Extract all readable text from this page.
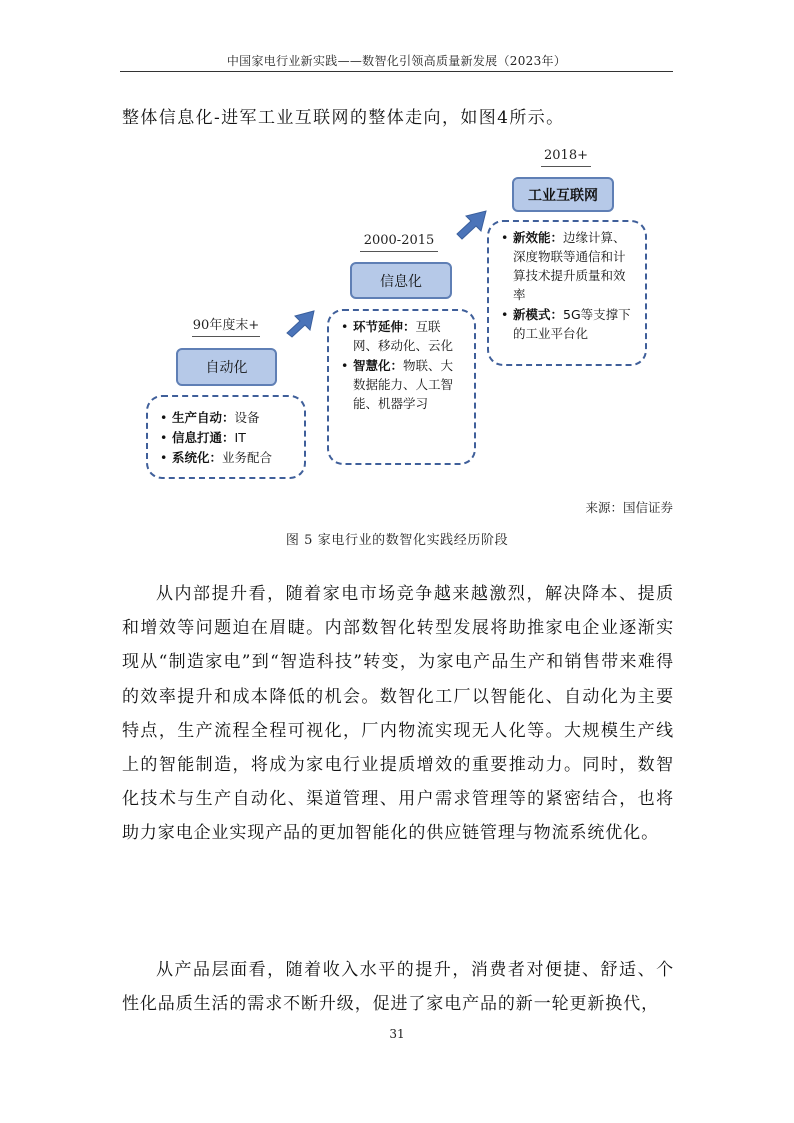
中国家电行业新实践——数智化引领高质量新发展（2023年）
整体信息化-进军工业互联网的整体走向，如图4所示。
90年度末+
自动化
• 生产自动：设备
• 信息打通：IT
• 系统化：业务配合
2000-2015
信息化
• 环节延伸：互联网、移动化、云化
• 智慧化：物联、大数据能力、人工智能、机器学习
2018+
工业互联网
• 新效能：边缘计算、深度物联等通信和计算技术提升质量和效率
• 新模式：5G等支撑下的工业平台化
来源：国信证券
图 5 家电行业的数智化实践经历阶段

从内部提升看，随着家电市场竞争越来越激烈，解决降本、提质和增效等问题迫在眉睫。内部数智化转型发展将助推家电企业逐渐实现从“制造家电”到“智造科技”转变，为家电产品生产和销售带来难得的效率提升和成本降低的机会。数智化工厂以智能化、自动化为主要特点，生产流程全程可视化，厂内物流实现无人化等。大规模生产线上的智能制造，将成为家电行业提质增效的重要推动力。同时，数智化技术与生产自动化、渠道管理、用户需求管理等的紧密结合，也将助力家电企业实现产品的更加智能化的供应链管理与物流系统优化。

从产品层面看，随着收入水平的提升，消费者对便捷、舒适、个性化品质生活的需求不断升级，促进了家电产品的新一轮更新换代，

31
